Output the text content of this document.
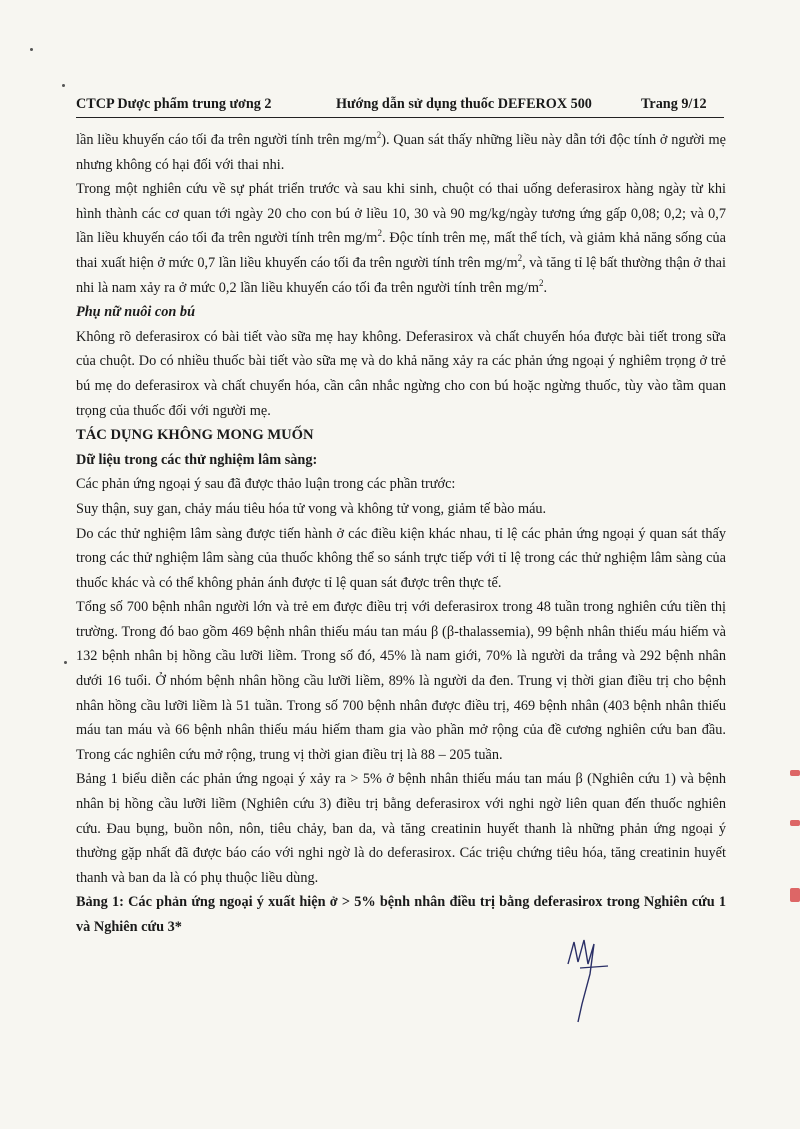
CTCP Dược phẩm trung ương 2	Hướng dẫn sử dụng thuốc DEFEROX 500	Trang 9/12

lần liều khuyến cáo tối đa trên người tính trên $mg/m^2$). Quan sát thấy những liều này dẫn tới độc tính ở người mẹ nhưng không có hại đối với thai nhi.

Trong một nghiên cứu về sự phát triển trước và sau khi sinh, chuột có thai uống deferasirox hàng ngày từ khi hình thành các cơ quan tới ngày 20 cho con bú ở liều 10, 30 và 90 mg/kg/ngày tương ứng gấp 0,08; 0,2; và 0,7 lần liều khuyến cáo tối đa trên người tính trên $mg/m^2$. Độc tính trên mẹ, mất thể tích, và giảm khả năng sống của thai xuất hiện ở mức 0,7 lần liều khuyến cáo tối đa trên người tính trên $mg/m^2$, và tăng tỉ lệ bất thường thận ở thai nhi là nam xảy ra ở mức 0,2 lần liều khuyến cáo tối đa trên người tính trên $mg/m^2$.

Phụ nữ nuôi con bú

Không rõ deferasirox có bài tiết vào sữa mẹ hay không. Deferasirox và chất chuyển hóa được bài tiết trong sữa của chuột. Do có nhiều thuốc bài tiết vào sữa mẹ và do khả năng xảy ra các phản ứng ngoại ý nghiêm trọng ở trẻ bú mẹ do deferasirox và chất chuyển hóa, cần cân nhắc ngừng cho con bú hoặc ngừng thuốc, tùy vào tầm quan trọng của thuốc đối với người mẹ.

TÁC DỤNG KHÔNG MONG MUỐN

Dữ liệu trong các thử nghiệm lâm sàng:

Các phản ứng ngoại ý sau đã được thảo luận trong các phần trước:

Suy thận, suy gan, chảy máu tiêu hóa tử vong và không tử vong, giảm tế bào máu.

Do các thử nghiệm lâm sàng được tiến hành ở các điều kiện khác nhau, tỉ lệ các phản ứng ngoại ý quan sát thấy trong các thử nghiệm lâm sàng của thuốc không thể so sánh trực tiếp với tỉ lệ trong các thử nghiệm lâm sàng của thuốc khác và có thể không phản ánh được tỉ lệ quan sát được trên thực tế.

Tổng số 700 bệnh nhân người lớn và trẻ em được điều trị với deferasirox trong 48 tuần trong nghiên cứu tiền thị trường. Trong đó bao gồm 469 bệnh nhân thiếu máu tan máu β (β-thalassemia), 99 bệnh nhân thiếu máu hiếm và 132 bệnh nhân bị hồng cầu lưỡi liềm. Trong số đó, 45% là nam giới, 70% là người da trắng và 292 bệnh nhân dưới 16 tuổi. Ở nhóm bệnh nhân hồng cầu lưỡi liềm, 89% là người da đen. Trung vị thời gian điều trị cho bệnh nhân hồng cầu lưỡi liềm là 51 tuần. Trong số 700 bệnh nhân được điều trị, 469 bệnh nhân (403 bệnh nhân thiếu máu tan máu và 66 bệnh nhân thiếu máu hiếm tham gia vào phần mở rộng của đề cương nghiên cứu ban đầu. Trong các nghiên cứu mở rộng, trung vị thời gian điều trị là 88 – 205 tuần.

Bảng 1 biểu diễn các phản ứng ngoại ý xảy ra > 5% ở bệnh nhân thiếu máu tan máu β (Nghiên cứu 1) và bệnh nhân bị hồng cầu lưỡi liềm (Nghiên cứu 3) điều trị bằng deferasirox với nghi ngờ liên quan đến thuốc nghiên cứu. Đau bụng, buồn nôn, nôn, tiêu chảy, ban da, và tăng creatinin huyết thanh là những phản ứng ngoại ý thường gặp nhất đã được báo cáo với nghi ngờ là do deferasirox. Các triệu chứng tiêu hóa, tăng creatinin huyết thanh và ban da là có phụ thuộc liều dùng.

Bảng 1: Các phản ứng ngoại ý xuất hiện ở > 5% bệnh nhân điều trị bằng deferasirox trong Nghiên cứu 1 và Nghiên cứu 3*
